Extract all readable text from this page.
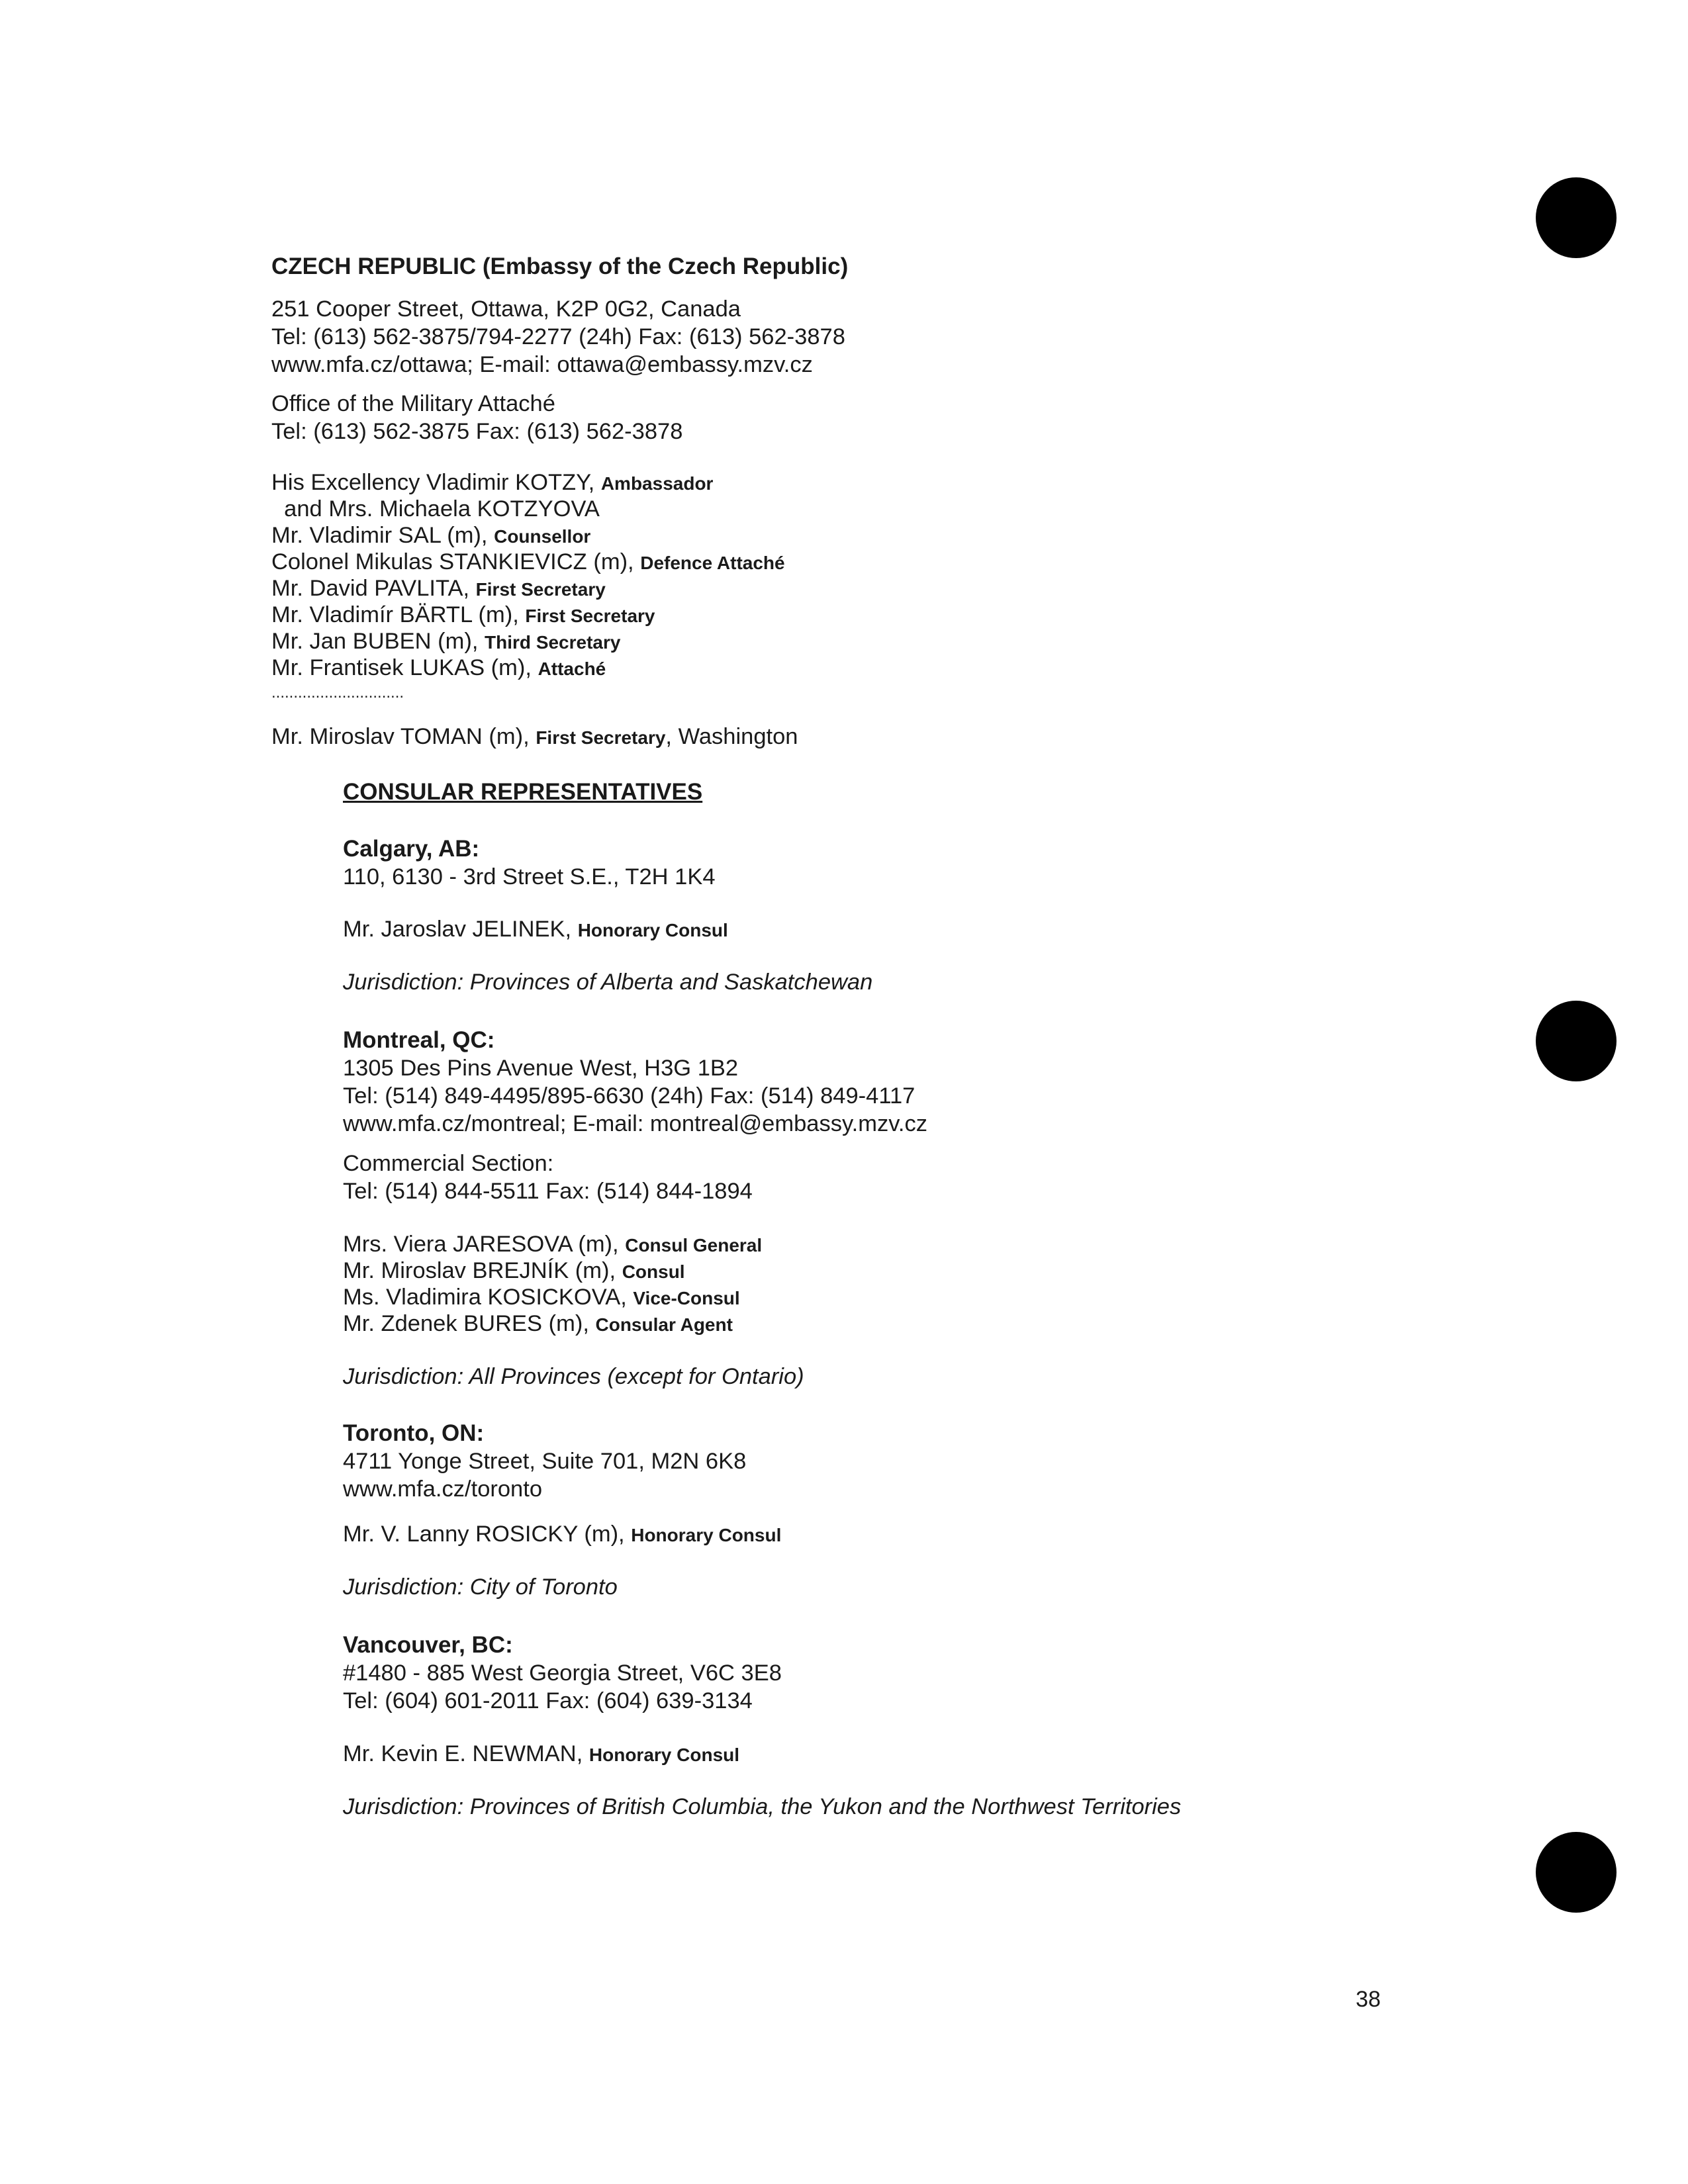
CZECH REPUBLIC (Embassy of the Czech Republic)
251 Cooper Street, Ottawa, K2P 0G2, Canada
Tel: (613) 562-3875/794-2277 (24h) Fax: (613) 562-3878
www.mfa.cz/ottawa; E-mail: ottawa@embassy.mzv.cz
Office of the Military Attaché
Tel: (613) 562-3875 Fax: (613) 562-3878
His Excellency Vladimir KOTZY, Ambassador
and Mrs. Michaela KOTZYOVA
Mr. Vladimir SAL (m), Counsellor
Colonel Mikulas STANKIEVICZ (m), Defence Attaché
Mr. David PAVLITA, First Secretary
Mr. Vladimír BÄRTL (m), First Secretary
Mr. Jan BUBEN (m), Third Secretary
Mr. Frantisek LUKAS (m), Attaché
..............................
Mr. Miroslav TOMAN (m), First Secretary, Washington
CONSULAR REPRESENTATIVES
Calgary, AB:
110, 6130 - 3rd Street S.E., T2H 1K4
Mr. Jaroslav JELINEK, Honorary Consul
Jurisdiction: Provinces of Alberta and Saskatchewan
Montreal, QC:
1305 Des Pins Avenue West, H3G 1B2
Tel: (514) 849-4495/895-6630 (24h) Fax: (514) 849-4117
www.mfa.cz/montreal; E-mail: montreal@embassy.mzv.cz
Commercial Section:
Tel: (514) 844-5511 Fax: (514) 844-1894
Mrs. Viera JARESOVA (m), Consul General
Mr. Miroslav BREJNÍK (m), Consul
Ms. Vladimira KOSICKOVA, Vice-Consul
Mr. Zdenek BURES (m), Consular Agent
Jurisdiction: All Provinces (except for Ontario)
Toronto, ON:
4711 Yonge Street, Suite 701, M2N 6K8
www.mfa.cz/toronto
Mr. V. Lanny ROSICKY (m), Honorary Consul
Jurisdiction: City of Toronto
Vancouver, BC:
#1480 - 885 West Georgia Street, V6C 3E8
Tel: (604) 601-2011 Fax: (604) 639-3134
Mr. Kevin E. NEWMAN, Honorary Consul
Jurisdiction: Provinces of British Columbia, the Yukon and the Northwest Territories
38
